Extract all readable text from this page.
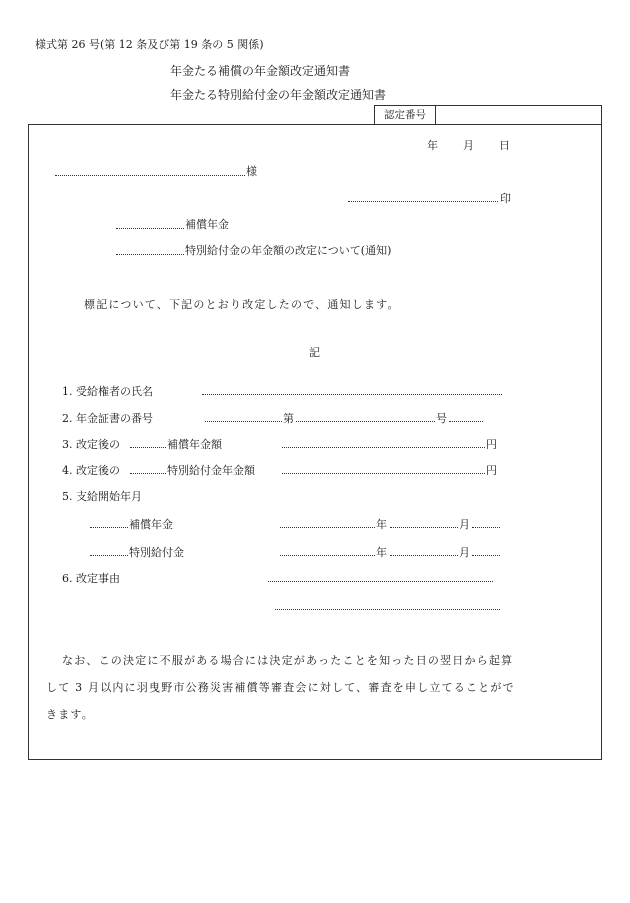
様式第 26 号(第 12 条及び第 19 条の 5 関係)
年金たる補償の年金額改定通知書
年金たる特別給付金の年金額改定通知書
認定番号
年 月 日
様
印
補償年金
特別給付金の年金額の改定について(通知)
標記について、下記のとおり改定したので、通知します。
記
1. 受給権者の氏名
2. 年金証書の番号	第	号
3. 改定後の	補償年金額	円
4. 改定後の	特別給付金年金額	円
5. 支給開始年月
補償年金	年	月
特別給付金	年	月
6. 改定事由
なお、この決定に不服がある場合には決定があったことを知った日の翌日から起算
して 3 月以内に羽曳野市公務災害補償等審査会に対して、審査を申し立てることがで
きます。
